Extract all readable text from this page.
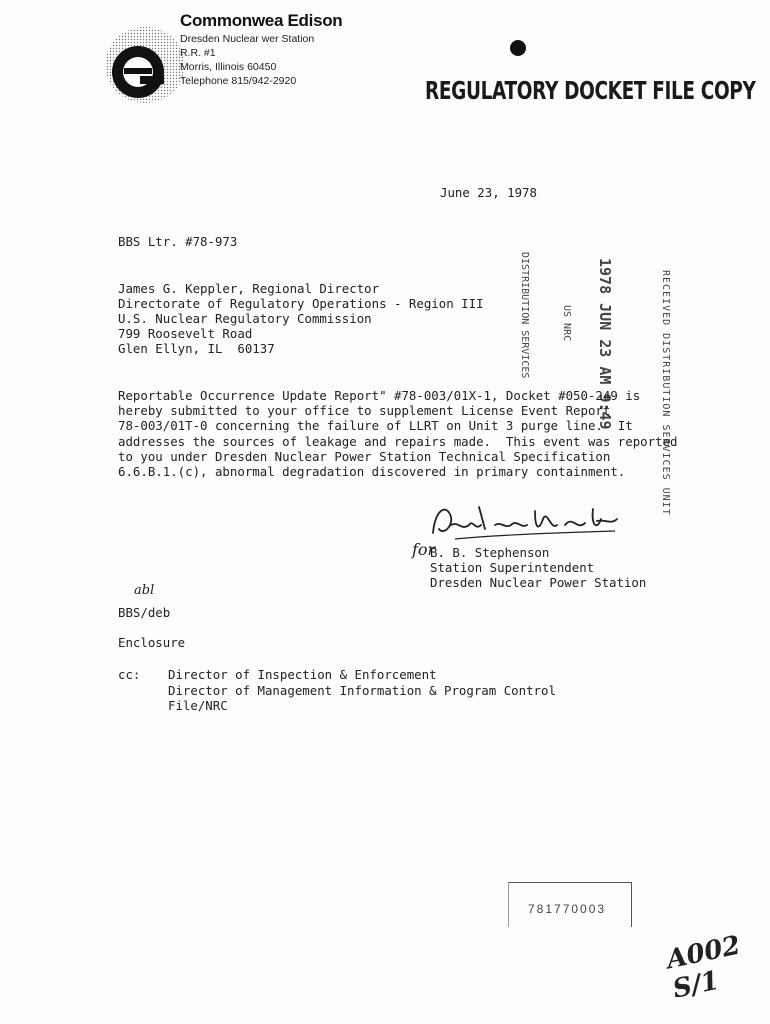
Commonwea Edison
Dresden Nuclear wer Station
R.R. #1
Morris, Illinois 60450
Telephone 815/942-2920	REGULATORY DOCKET FILE COPY
June 23, 1978
BBS Ltr. #78-973
James G. Keppler, Regional Director
Directorate of Regulatory Operations - Region III
U.S. Nuclear Regulatory Commission
799 Roosevelt Road
Glen Ellyn, IL  60137	DISTRIBUTION SERVICES	US NRC 1978 JUN 23 AM 9:49	RECEIVED DISTRIBUTION SERVICES UNIT
Reportable Occurrence Update Report" #78-003/01X-1, Docket #050-249 is
hereby submitted to your office to supplement License Event Report
78-003/01T-0 concerning the failure of LLRT on Unit 3 purge line.  It
addresses the sources of leakage and repairs made.  This event was reported
to you under Dresden Nuclear Power Station Technical Specification
6.6.B.1.(c), abnormal degradation discovered in primary containment.
for
B. B. Stephenson
Station Superintendent
Dresden Nuclear Power Station
abl
BBS/deb
Enclosure
cc: Director of Inspection & Enforcement
Director of Management Information & Program Control
File/NRC
781770003
A002 S/1
